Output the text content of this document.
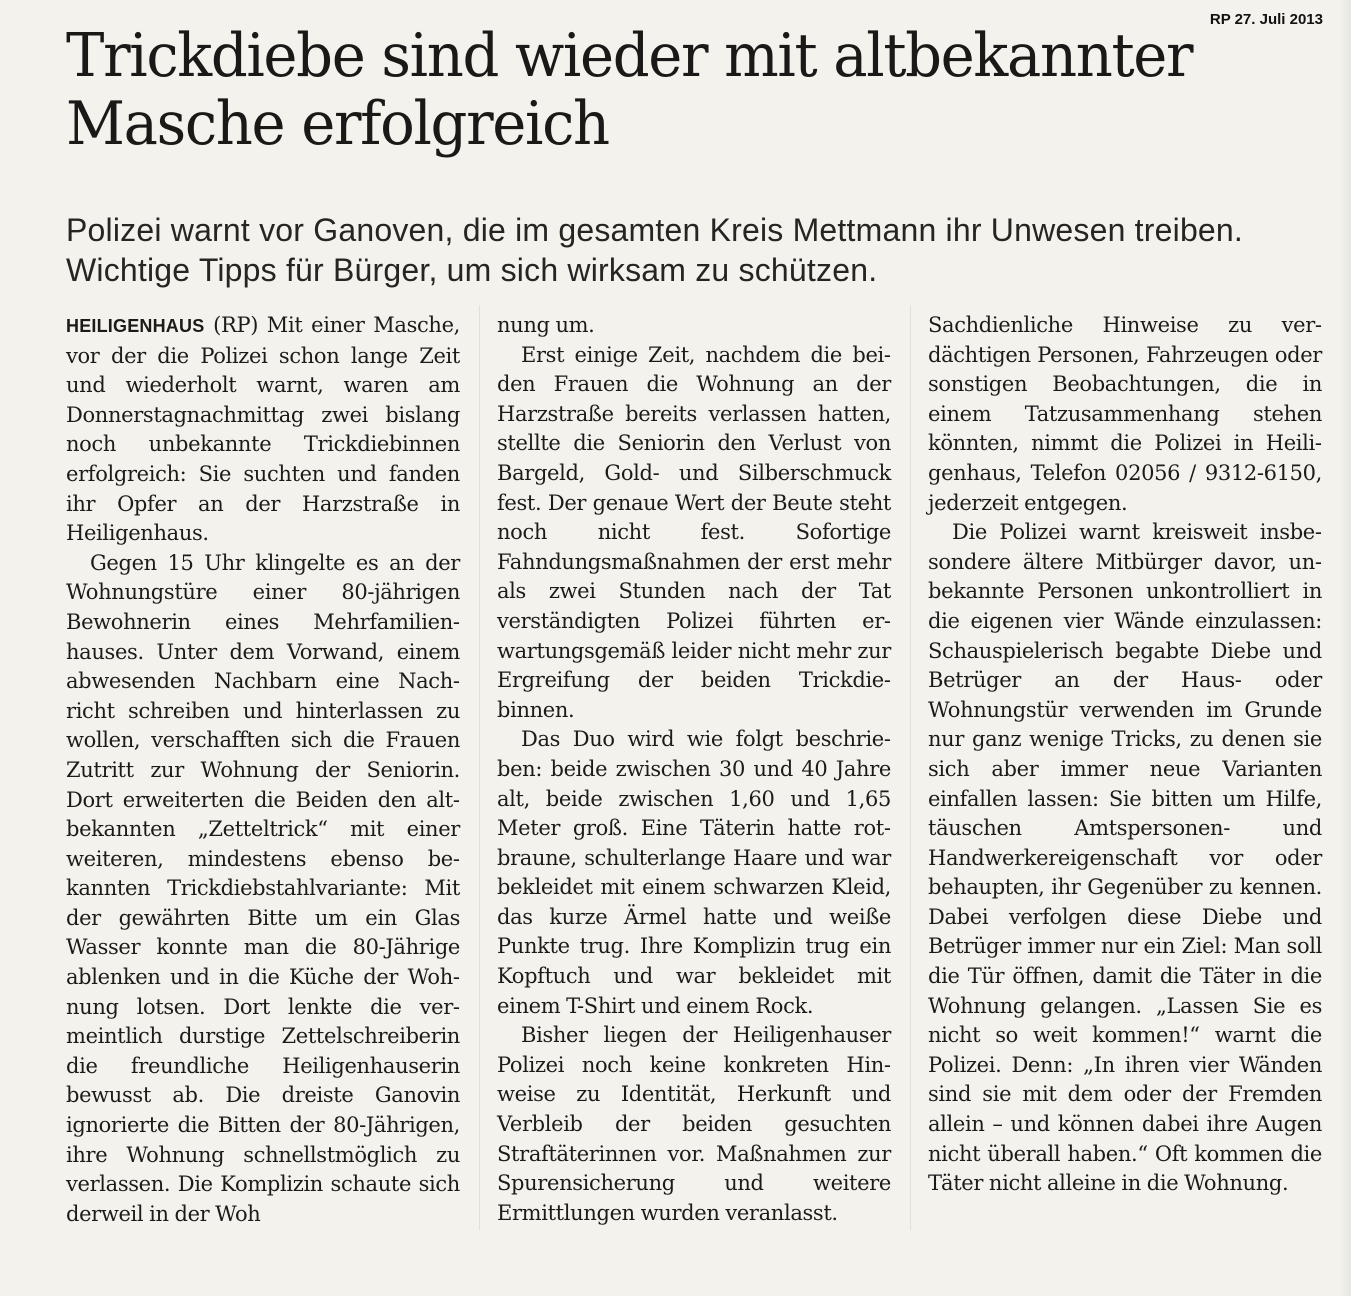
RP 27. Juli 2013
Trickdiebe sind wieder mit altbekannter Masche erfolgreich

Polizei warnt vor Ganoven, die im gesamten Kreis Mettmann ihr Unwesen treiben. Wichtige Tipps für Bürger, um sich wirksam zu schützen.

HEILIGENHAUS (RP) Mit einer Masche, vor der die Polizei schon lange Zeit und wiederholt warnt, waren am Donnerstagnachmittag zwei bislang noch unbekannte Trickdiebinnen erfolgreich: Sie suchten und fanden ihr Opfer an der Harzstraße in Heiligenhaus.

Gegen 15 Uhr klingelte es an der Wohnungstüre einer 80-jährigen Bewohnerin eines Mehrfamilienhauses. Unter dem Vorwand, einem abwesenden Nachbarn eine Nachricht schreiben und hinterlassen zu wollen, verschafften sich die Frauen Zutritt zur Wohnung der Seniorin. Dort erweiterten die Beiden den altbekannten „Zetteltrick“ mit einer weiteren, mindestens ebenso bekannten Trickdiebstahlvariante: Mit der gewährten Bitte um ein Glas Wasser konnte man die 80-Jährige ablenken und in die Küche der Wohnung lotsen. Dort lenkte die vermeintlich durstige Zettelschreiberin die freundliche Heiligenhauserin bewusst ab. Die dreiste Ganovin ignorierte die Bitten der 80-Jährigen, ihre Wohnung schnellstmöglich zu verlassen. Die Komplizin schaute sich derweil in der Woh

nung um.

Erst einige Zeit, nachdem die beiden Frauen die Wohnung an der Harzstraße bereits verlassen hatten, stellte die Seniorin den Verlust von Bargeld, Gold- und Silberschmuck fest. Der genaue Wert der Beute steht noch nicht fest. Sofortige Fahndungsmaßnahmen der erst mehr als zwei Stunden nach der Tat verständigten Polizei führten erwartungsgemäß leider nicht mehr zur Ergreifung der beiden Trickdiebinnen.

Das Duo wird wie folgt beschrieben: beide zwischen 30 und 40 Jahre alt, beide zwischen 1,60 und 1,65 Meter groß. Eine Täterin hatte rotbraune, schulterlange Haare und war bekleidet mit einem schwarzen Kleid, das kurze Ärmel hatte und weiße Punkte trug. Ihre Komplizin trug ein Kopftuch und war bekleidet mit einem T-Shirt und einem Rock.

Bisher liegen der Heiligenhauser Polizei noch keine konkreten Hinweise zu Identität, Herkunft und Verbleib der beiden gesuchten Straftäterinnen vor. Maßnahmen zur Spurensicherung und weitere Ermittlungen wurden veranlasst.

Sachdienliche Hinweise zu verdächtigen Personen, Fahrzeugen oder sonstigen Beobachtungen, die in einem Tatzusammenhang stehen könnten, nimmt die Polizei in Heiligenhaus, Telefon 02056 / 9312-6150, jederzeit entgegen.

Die Polizei warnt kreisweit insbesondere ältere Mitbürger davor, unbekannte Personen unkontrolliert in die eigenen vier Wände einzulassen: Schauspielerisch begabte Diebe und Betrüger an der Haus- oder Wohnungstür verwenden im Grunde nur ganz wenige Tricks, zu denen sie sich aber immer neue Varianten einfallen lassen: Sie bitten um Hilfe, täuschen Amtspersonen- und Handwerkereigenschaft vor oder behaupten, ihr Gegenüber zu kennen. Dabei verfolgen diese Diebe und Betrüger immer nur ein Ziel: Man soll die Tür öffnen, damit die Täter in die Wohnung gelangen. „Lassen Sie es nicht so weit kommen!“ warnt die Polizei. Denn: „In ihren vier Wänden sind sie mit dem oder der Fremden allein – und können dabei ihre Augen nicht überall haben.“ Oft kommen die Täter nicht alleine in die Wohnung.
